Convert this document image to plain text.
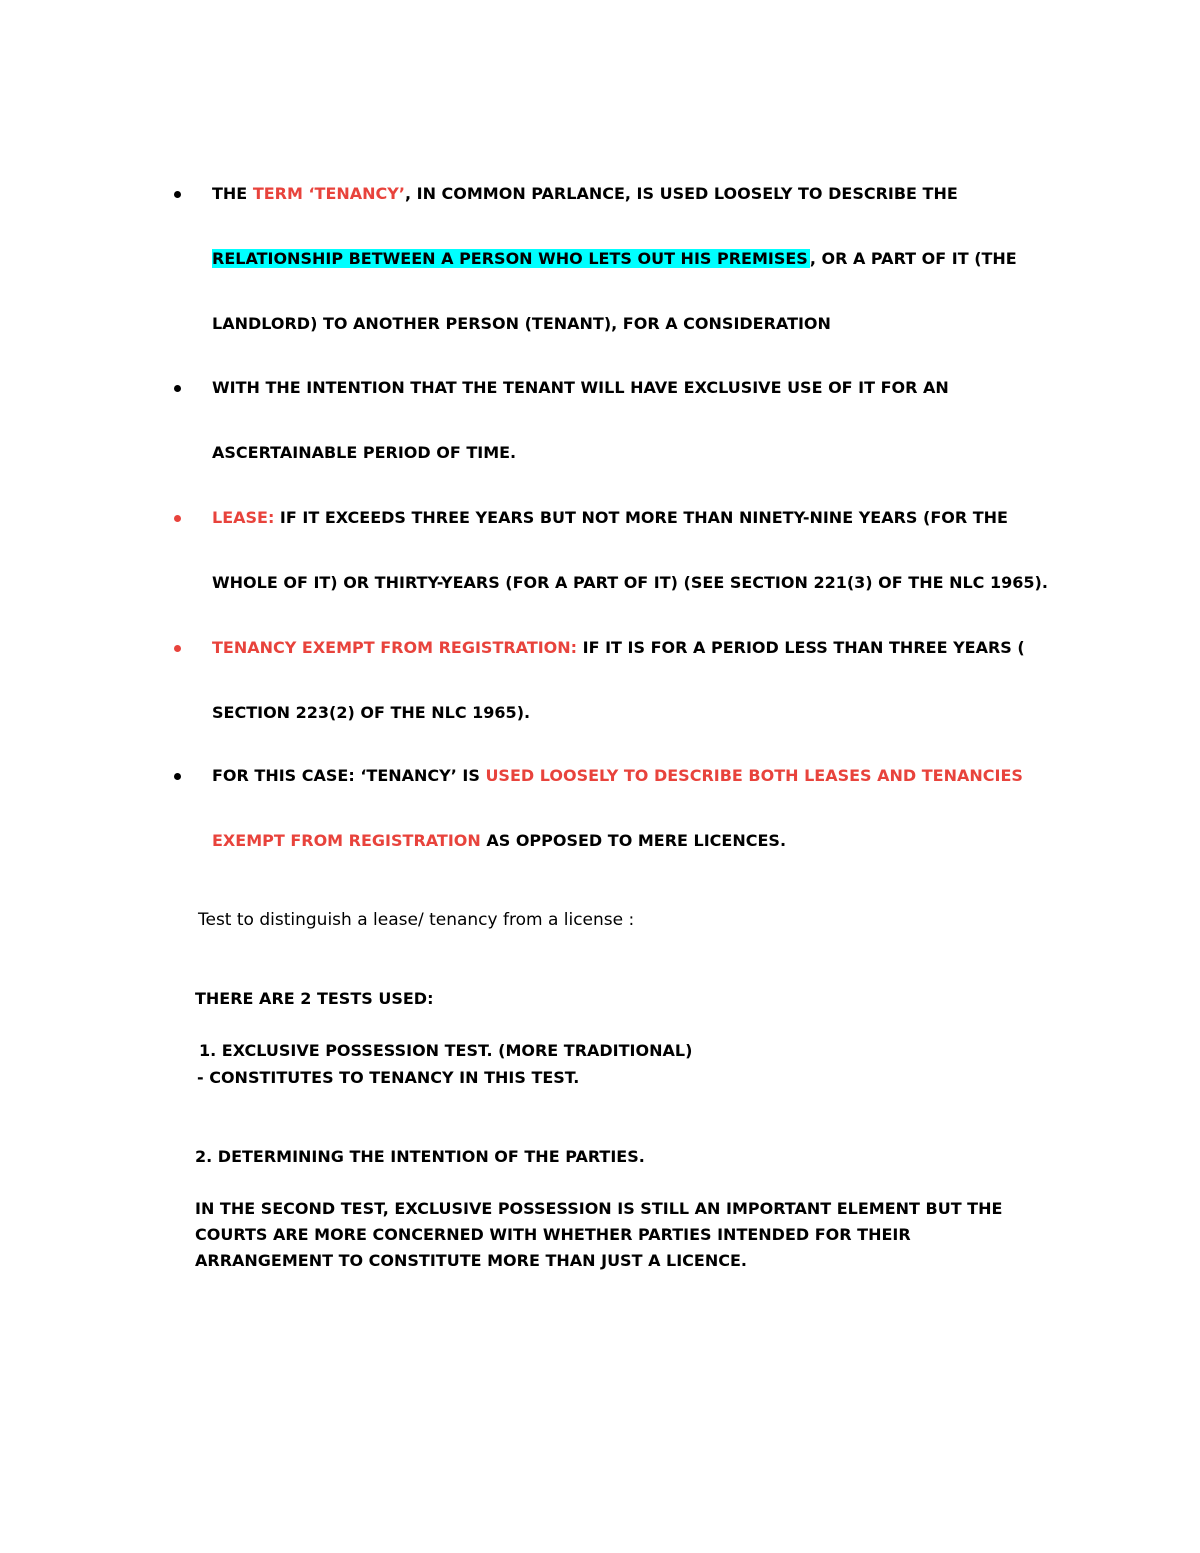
THE TERM ‘TENANCY’, IN COMMON PARLANCE, IS USED LOOSELY TO DESCRIBE THE
RELATIONSHIP BETWEEN A PERSON WHO LETS OUT HIS PREMISES , OR A PART OF IT (THE
LANDLORD) TO ANOTHER PERSON (TENANT), FOR A CONSIDERATION
WITH THE INTENTION THAT THE TENANT WILL HAVE EXCLUSIVE USE OF IT FOR AN
ASCERTAINABLE PERIOD OF TIME.
LEASE: IF IT EXCEEDS THREE YEARS BUT NOT MORE THAN NINETY-NINE YEARS (FOR THE
WHOLE OF IT) OR THIRTY-YEARS (FOR A PART OF IT) (SEE SECTION 221(3) OF THE NLC 1965).
TENANCY EXEMPT FROM REGISTRATION: IF IT IS FOR A PERIOD LESS THAN THREE YEARS (
SECTION 223(2) OF THE NLC 1965).
FOR THIS CASE: ‘TENANCY’ IS USED LOOSELY TO DESCRIBE BOTH LEASES AND TENANCIES
EXEMPT FROM REGISTRATION AS OPPOSED TO MERE LICENCES.
Test to distinguish a lease/ tenancy from a license :
THERE ARE 2 TESTS USED:
1. EXCLUSIVE POSSESSION TEST. (MORE TRADITIONAL)
- CONSTITUTES TO TENANCY IN THIS TEST.
2. DETERMINING THE INTENTION OF THE PARTIES.
IN THE SECOND TEST, EXCLUSIVE POSSESSION IS STILL AN IMPORTANT ELEMENT BUT THE
COURTS ARE MORE CONCERNED WITH WHETHER PARTIES INTENDED FOR THEIR
ARRANGEMENT TO CONSTITUTE MORE THAN JUST A LICENCE.
